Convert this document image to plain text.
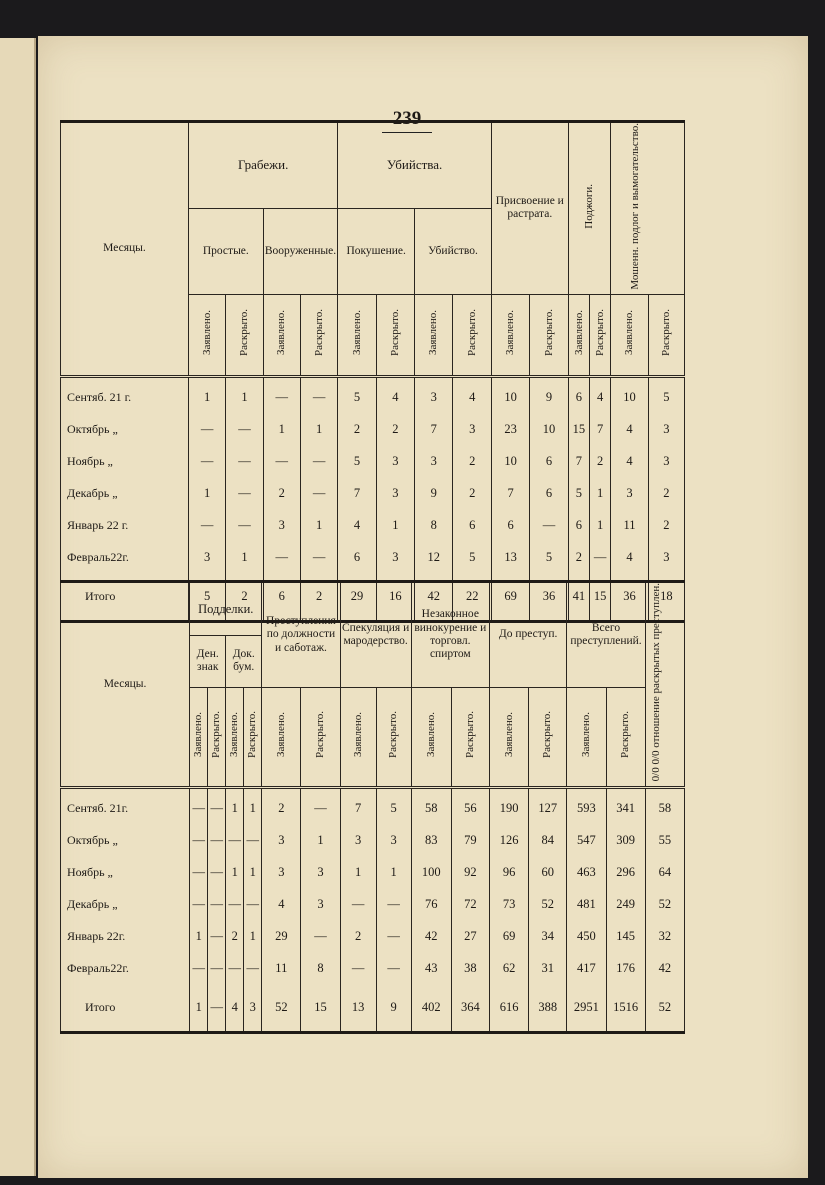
239
Месяцы.	Грабежи.				Убийства.				Присвоение и растрата.		Поджоги.		Мошенн. подлог и вымогательство.	
	Простые.		Вооруженные.		Покушение.		Убийство.							
	Заявлено.	Раскрыто.	Заявлено.	Раскрыто.	Заявлено.	Раскрыто.	Заявлено.	Раскрыто.	Заявлено.	Раскрыто.	Заявлено.	Раскрыто.	Заявлено.	Раскрыто.

Сентяб. 21 г.	1	1	—	—	5	4	3	4	10	9	6	4	10	5
Октябрь „	—	—	1	1	2	2	7	3	23	10	15	7	4	3
Ноябрь „	—	—	—	—	5	3	3	2	10	6	7	2	4	3
Декабрь „	1	—	2	—	7	3	9	2	7	6	5	1	3	2
Январь 22 г.	—	—	3	1	4	1	8	6	6	—	6	1	11	2
Февраль22г.	3	1	—	—	6	3	12	5	13	5	2	—	4	3
Итого	5	2	6	2	29	16	42	22	69	36	41	15	36	18
Месяцы.	Подделки.				Преступления по должности и саботаж.		Спекуляция и мародерство.		Незаконное винокурение и торговл. спиртом		До преступ.		Всего преступлений.		0/0 0/0 отношение раскрытых преступлен.
	Ден. знак		Док. бум.												
	Заявлено.	Раскрыто.	Заявлено.	Раскрыто.	Заявлено.	Раскрыто.	Заявлено.	Раскрыто.	Заявлено.	Раскрыто.	Заявлено.	Раскрыто.	Заявлено.	Раскрыто.	

Сентяб. 21г.	—	—	1	1	2	—	7	5	58	56	190	127	593	341	58
Октябрь „	—	—	—	—	3	1	3	3	83	79	126	84	547	309	55
Ноябрь „	—	—	1	1	3	3	1	1	100	92	96	60	463	296	64
Декабрь „	—	—	—	—	4	3	—	—	76	72	73	52	481	249	52
Январь 22г.	1	—	2	1	29	—	2	—	42	27	69	34	450	145	32
Февраль22г.	—	—	—	—	11	8	—	—	43	38	62	31	417	176	42
Итого	1	—	4	3	52	15	13	9	402	364	616	388	2951	1516	52
